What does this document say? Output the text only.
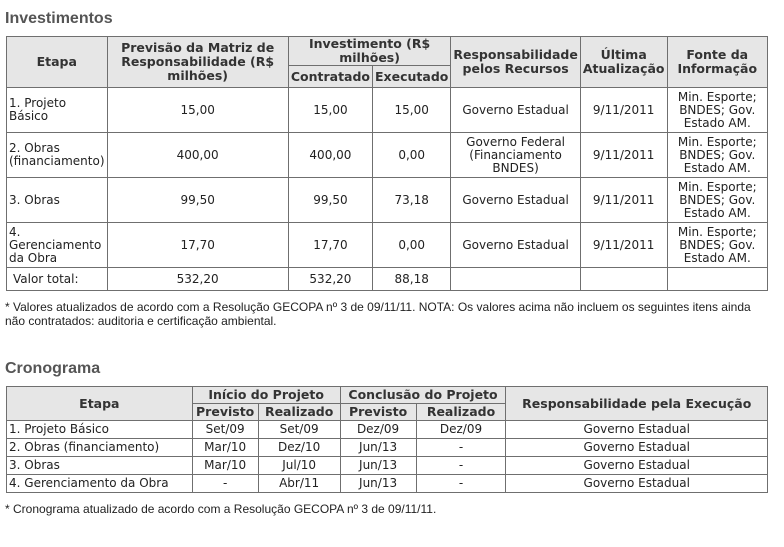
Investimentos
Etapa	Previsão da Matriz de Responsabilidade (R$ milhões)	Investimento (R$ milhões)		Responsabilidade pelos Recursos	Última Atualização	Fonte da Informação
		Contratado	Executado			
1. Projeto Básico	15,00	15,00	15,00	Governo Estadual	9/11/2011	Min. Esporte; BNDES; Gov. Estado AM.
2. Obras (financiamento)	400,00	400,00	0,00	Governo Federal (Financiamento BNDES)	9/11/2011	Min. Esporte; BNDES; Gov. Estado AM.
3. Obras	99,50	99,50	73,18	Governo Estadual	9/11/2011	Min. Esporte; BNDES; Gov. Estado AM.
4. Gerenciamento da Obra	17,70	17,70	0,00	Governo Estadual	9/11/2011	Min. Esporte; BNDES; Gov. Estado AM.
Valor total:	532,20	532,20	88,18			
* Valores atualizados de acordo com a Resolução GECOPA nº 3 de 09/11/11. NOTA: Os valores acima não incluem os seguintes itens ainda não contratados: auditoria e certificação ambiental.
Cronograma
Etapa	Início do Projeto		Conclusão do Projeto		Responsabilidade pela Execução
	Previsto	Realizado	Previsto	Realizado	
1. Projeto Básico	Set/09	Set/09	Dez/09	Dez/09	Governo Estadual
2. Obras (financiamento)	Mar/10	Dez/10	Jun/13	-	Governo Estadual
3. Obras	Mar/10	Jul/10	Jun/13	-	Governo Estadual
4. Gerenciamento da Obra	-	Abr/11	Jun/13	-	Governo Estadual
* Cronograma atualizado de acordo com a Resolução GECOPA nº 3 de 09/11/11.
